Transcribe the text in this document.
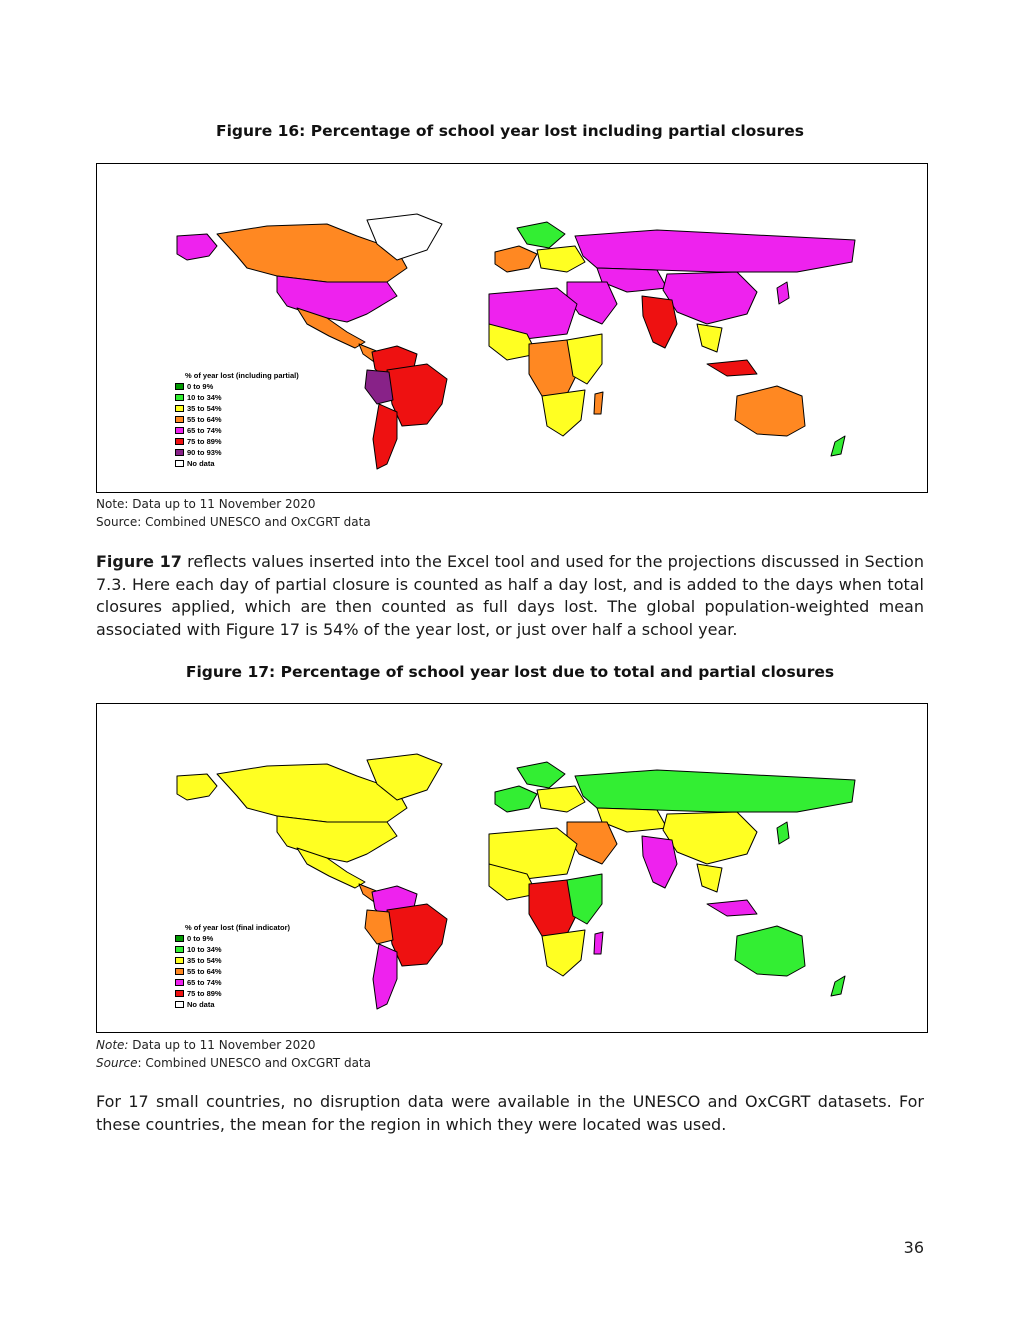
Figure 16: Percentage of school year lost including partial closures
% of year lost (including partial)
0 to 9%
10 to 34%
35 to 54%
55 to 64%
65 to 74%
75 to 89%
90 to 93%
No data
Note: Data up to 11 November 2020
Source: Combined UNESCO and OxCGRT data
Figure 17 reflects values inserted into the Excel tool and used for the projections discussed in Section 7.3. Here each day of partial closure is counted as half a day lost, and is added to the days when total closures applied, which are then counted as full days lost. The global population-weighted mean associated with Figure 17 is 54% of the year lost, or just over half a school year.
Figure 17: Percentage of school year lost due to total and partial closures
% of year lost (final indicator)
0 to 9%
10 to 34%
35 to 54%
55 to 64%
65 to 74%
75 to 89%
No data
Note: Data up to 11 November 2020
Source: Combined UNESCO and OxCGRT data
For 17 small countries, no disruption data were available in the UNESCO and OxCGRT datasets. For these countries, the mean for the region in which they were located was used.
36
